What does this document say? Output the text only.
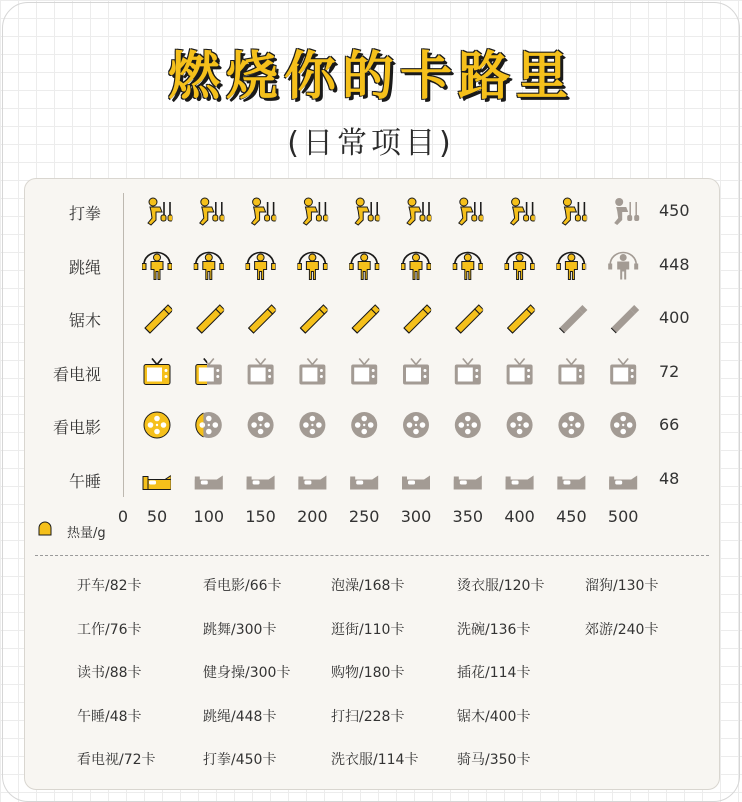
燃烧你的卡路里
(日常项目)
打拳
跳绳
锯木
看电视
看电影
午睡
450
448
400
72
66
48
0 50 100 150 200 250 300 350 400 450 500
热量/g
开车/82卡	看电影/66卡	泡澡/168卡	烫衣服/120卡	溜狗/130卡
工作/76卡	跳舞/300卡	逛街/110卡	洗碗/136卡	郊游/240卡
读书/88卡	健身操/300卡	购物/180卡	插花/114卡
午睡/48卡	跳绳/448卡	打扫/228卡	锯木/400卡
看电视/72卡	打拳/450卡	洗衣服/114卡	骑马/350卡
